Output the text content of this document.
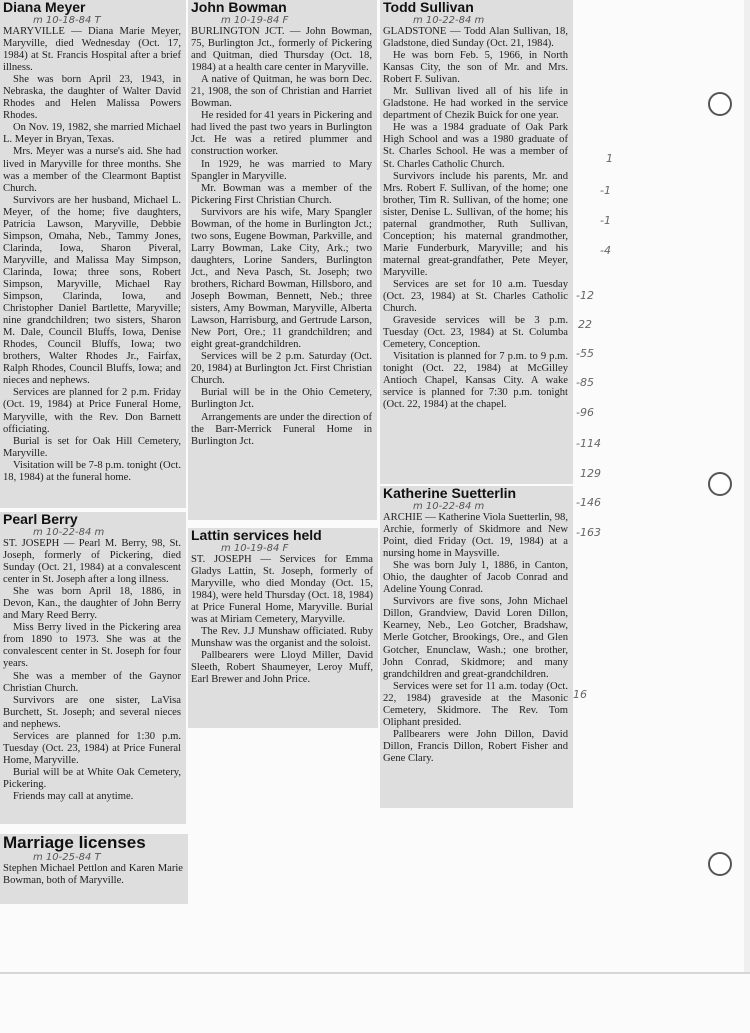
Diana Meyer
m 10-18-84 T

MARYVILLE — Diana Marie Meyer, Maryville, died Wednesday (Oct. 17, 1984) at St. Francis Hospital after a brief illness.

She was born April 23, 1943, in Nebraska, the daughter of Walter David Rhodes and Helen Malissa Powers Rhodes.

On Nov. 19, 1982, she married Michael L. Meyer in Bryan, Texas.

Mrs. Meyer was a nurse's aid. She had lived in Maryville for three months. She was a member of the Clearmont Baptist Church.

Survivors are her husband, Michael L. Meyer, of the home; five daughters, Patricia Lawson, Maryville, Debbie Simpson, Omaha, Neb., Tammy Jones, Clarinda, Iowa, Sharon Piveral, Maryville, and Malissa May Simpson, Clarinda, Iowa; three sons, Robert Simpson, Maryville, Michael Ray Simpson, Clarinda, Iowa, and Christopher Daniel Bartlette, Maryville; nine grandchildren; two sisters, Sharon M. Dale, Council Bluffs, Iowa, Denise Rhodes, Council Bluffs, Iowa; two brothers, Walter Rhodes Jr., Fairfax, Ralph Rhodes, Council Bluffs, Iowa; and nieces and nephews.

Services are planned for 2 p.m. Friday (Oct. 19, 1984) at Price Funeral Home, Maryville, with the Rev. Don Barnett officiating.

Burial is set for Oak Hill Cemetery, Maryville.

Visitation will be 7-8 p.m. tonight (Oct. 18, 1984) at the funeral home.

Pearl Berry
m 10-22-84 m

ST. JOSEPH — Pearl M. Berry, 98, St. Joseph, formerly of Pickering, died Sunday (Oct. 21, 1984) at a convalescent center in St. Joseph after a long illness.

She was born April 18, 1886, in Devon, Kan., the daughter of John Berry and Mary Reed Berry.

Miss Berry lived in the Pickering area from 1890 to 1973. She was at the convalescent center in St. Joseph for four years.

She was a member of the Gaynor Christian Church.

Survivors are one sister, LaVisa Burchett, St. Joseph; and several nieces and nephews.

Services are planned for 1:30 p.m. Tuesday (Oct. 23, 1984) at Price Funeral Home, Maryville.

Burial will be at White Oak Cemetery, Pickering.

Friends may call at anytime.

Marriage licenses
m 10-25-84 T

Stephen Michael Pettlon and Karen Marie Bowman, both of Maryville.

John Bowman
m 10-19-84 F

BURLINGTON JCT. — John Bowman, 75, Burlington Jct., formerly of Pickering and Quitman, died Thursday (Oct. 18, 1984) at a health care center in Maryville.

A native of Quitman, he was born Dec. 21, 1908, the son of Christian and Harriet Bowman.

He resided for 41 years in Pickering and had lived the past two years in Burlington Jct. He was a retired plummer and construction worker.

In 1929, he was married to Mary Spangler in Maryville.

Mr. Bowman was a member of the Pickering First Christian Church.

Survivors are his wife, Mary Spangler Bowman, of the home in Burlington Jct.; two sons, Eugene Bowman, Parkville, and Larry Bowman, Lake City, Ark.; two daughters, Lorine Sanders, Burlington Jct., and Neva Pasch, St. Joseph; two brothers, Richard Bowman, Hillsboro, and Joseph Bowman, Bennett, Neb.; three sisters, Amy Bowman, Maryville, Alberta Lawson, Harrisburg, and Gertrude Larson, New Port, Ore.; 11 grandchildren; and eight great-grandchildren.

Services will be 2 p.m. Saturday (Oct. 20, 1984) at Burlington Jct. First Christian Church.

Burial will be in the Ohio Cemetery, Burlington Jct.

Arrangements are under the direction of the Barr-Merrick Funeral Home in Burlington Jct.

Lattin services held
m 10-19-84 F

ST. JOSEPH — Services for Emma Gladys Lattin, St. Joseph, formerly of Maryville, who died Monday (Oct. 15, 1984), were held Thursday (Oct. 18, 1984) at Price Funeral Home, Maryville. Burial was at Miriam Cemetery, Maryville.

The Rev. J.J Munshaw officiated. Ruby Munshaw was the organist and the soloist.

Pallbearers were Lloyd Miller, David Sleeth, Robert Shaumeyer, Leroy Muff, Earl Brewer and John Price.

Todd Sullivan
m 10-22-84 m

GLADSTONE — Todd Alan Sullivan, 18, Gladstone, died Sunday (Oct. 21, 1984).

He was born Feb. 5, 1966, in North Kansas City, the son of Mr. and Mrs. Robert F. Sulivan.

Mr. Sullivan lived all of his life in Gladstone. He had worked in the service department of Chezik Buick for one year.

He was a 1984 graduate of Oak Park High School and was a 1980 graduate of St. Charles School. He was a member of St. Charles Catholic Church.

Survivors include his parents, Mr. and Mrs. Robert F. Sullivan, of the home; one brother, Tim R. Sullivan, of the home; one sister, Denise L. Sullivan, of the home; his paternal grandmother, Ruth Sullivan, Conception; his maternal grandmother, Marie Funderburk, Maryville; and his maternal great-grandfather, Pete Meyer, Maryville.

Services are set for 10 a.m. Tuesday (Oct. 23, 1984) at St. Charles Catholic Church.

Graveside services will be 3 p.m. Tuesday (Oct. 23, 1984) at St. Columba Cemetery, Conception.

Visitation is planned for 7 p.m. to 9 p.m. tonight (Oct. 22, 1984) at McGilley Antioch Chapel, Kansas City. A wake service is planned for 7:30 p.m. tonight (Oct. 22, 1984) at the chapel.

Katherine Suetterlin
m 10-22-84 m

ARCHIE — Katherine Viola Suetterlin, 98, Archie, formerly of Skidmore and New Point, died Friday (Oct. 19, 1984) at a nursing home in Maysville.

She was born July 1, 1886, in Canton, Ohio, the daughter of Jacob Conrad and Adeline Young Conrad.

Survivors are five sons, John Michael Dillon, Grandview, David Loren Dillon, Kearney, Neb., Leo Gotcher, Bradshaw, Merle Gotcher, Brookings, Ore., and Glen Gotcher, Enunclaw, Wash.; one brother, John Conrad, Skidmore; and many grandchildren and great-grandchildren.

Services were set for 11 a.m. today (Oct. 22, 1984) graveside at the Masonic Cemetery, Skidmore. The Rev. Tom Oliphant presided.

Pallbearers were John Dillon, David Dillon, Francis Dillon, Robert Fisher and Gene Clary.

1
-1
-1
-4
-12
22
-55
-85
-96
-114
129
-146
-163
16
